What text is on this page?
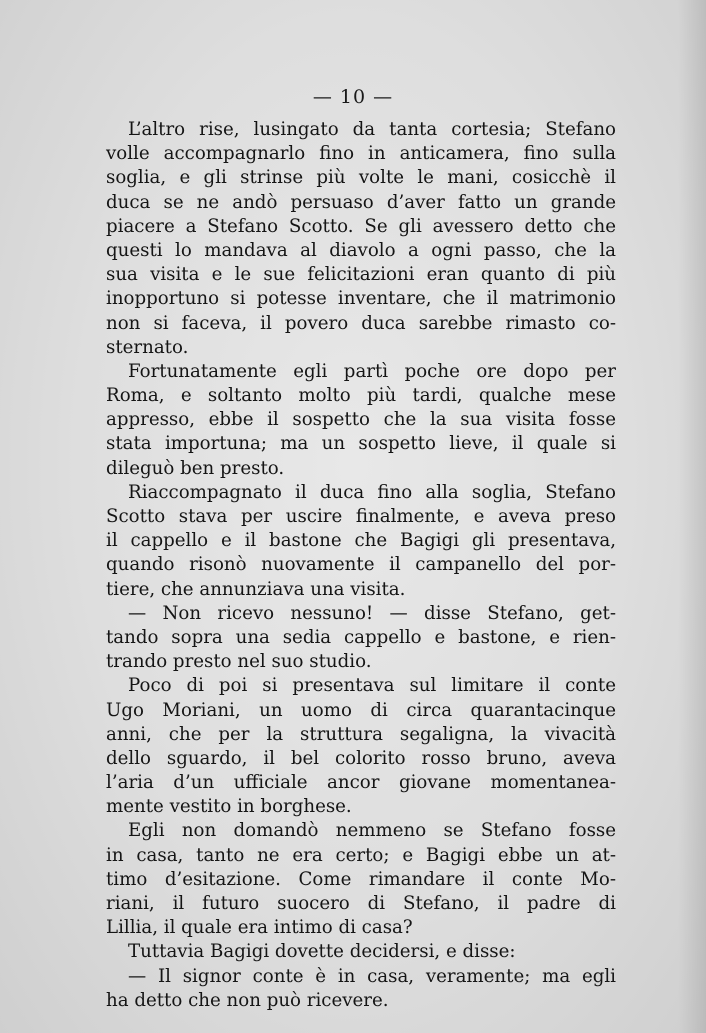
— 10 —
L’altro rise, lusingato da tanta cortesia; Stefano
volle accompagnarlo fino in anticamera, fino sulla
soglia, e gli strinse più volte le mani, cosicchè il
duca se ne andò persuaso d’aver fatto un grande
piacere a Stefano Scotto. Se gli avessero detto che
questi lo mandava al diavolo a ogni passo, che la
sua visita e le sue felicitazioni eran quanto di più
inopportuno si potesse inventare, che il matrimonio
non si faceva, il povero duca sarebbe rimasto co-
sternato.
Fortunatamente egli partì poche ore dopo per
Roma, e soltanto molto più tardi, qualche mese
appresso, ebbe il sospetto che la sua visita fosse
stata importuna; ma un sospetto lieve, il quale si
dileguò ben presto.
Riaccompagnato il duca fino alla soglia, Stefano
Scotto stava per uscire finalmente, e aveva preso
il cappello e il bastone che Bagigi gli presentava,
quando risonò nuovamente il campanello del por-
tiere, che annunziava una visita.
— Non ricevo nessuno! — disse Stefano, get-
tando sopra una sedia cappello e bastone, e rien-
trando presto nel suo studio.
Poco di poi si presentava sul limitare il conte
Ugo Moriani, un uomo di circa quarantacinque
anni, che per la struttura segaligna, la vivacità
dello sguardo, il bel colorito rosso bruno, aveva
l’aria d’un ufficiale ancor giovane momentanea-
mente vestito in borghese.
Egli non domandò nemmeno se Stefano fosse
in casa, tanto ne era certo; e Bagigi ebbe un at-
timo d’esitazione. Come rimandare il conte Mo-
riani, il futuro suocero di Stefano, il padre di
Lillia, il quale era intimo di casa?
Tuttavia Bagigi dovette decidersi, e disse:
— Il signor conte è in casa, veramente; ma egli
ha detto che non può ricevere.
